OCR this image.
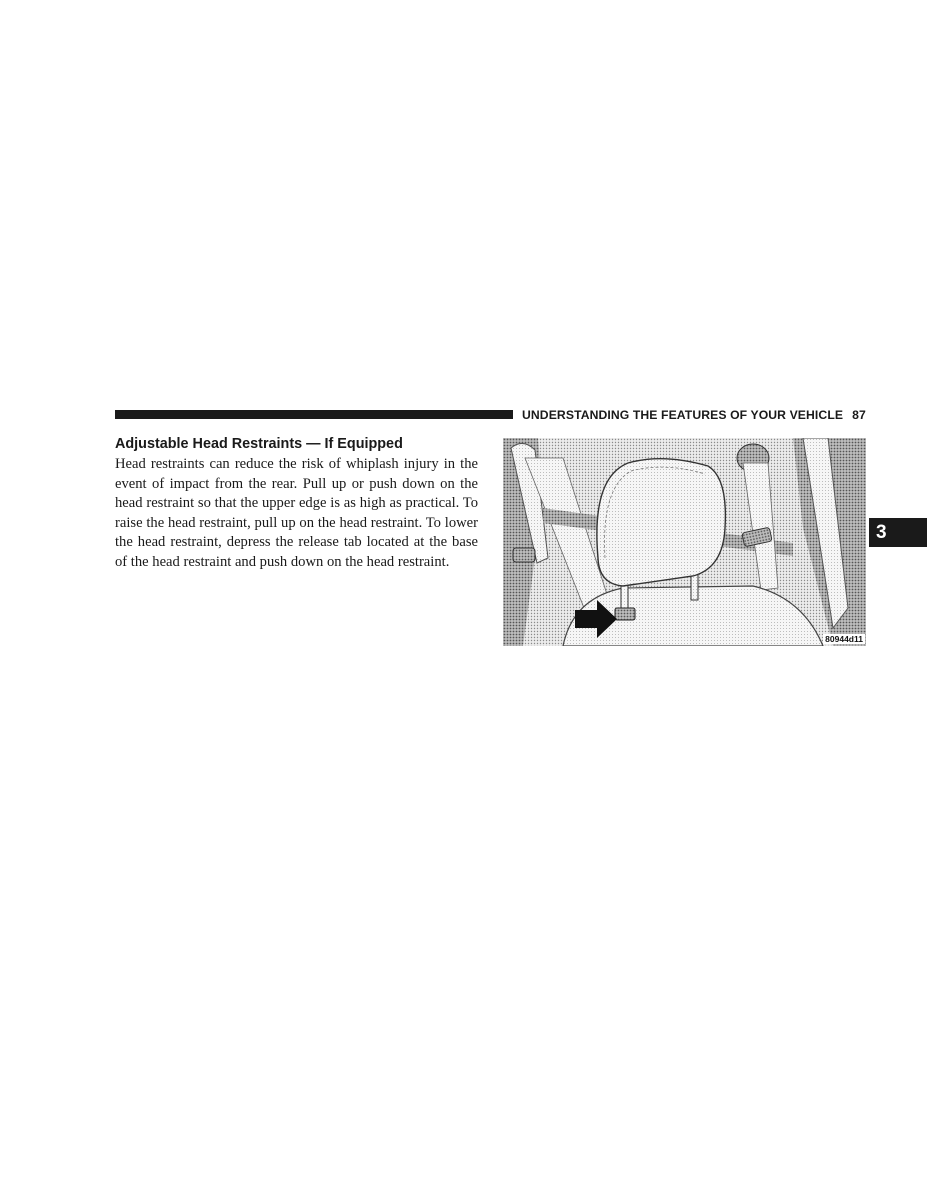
UNDERSTANDING THE FEATURES OF YOUR VEHICLE 87
Adjustable Head Restraints — If Equipped
Head restraints can reduce the risk of whiplash injury in the event of impact from the rear. Pull up or push down on the head restraint so that the upper edge is as high as practical. To raise the head restraint, pull up on the head restraint. To lower the head restraint, depress the release tab located at the base of the head restraint and push down on the head restraint.
80944d11
3
